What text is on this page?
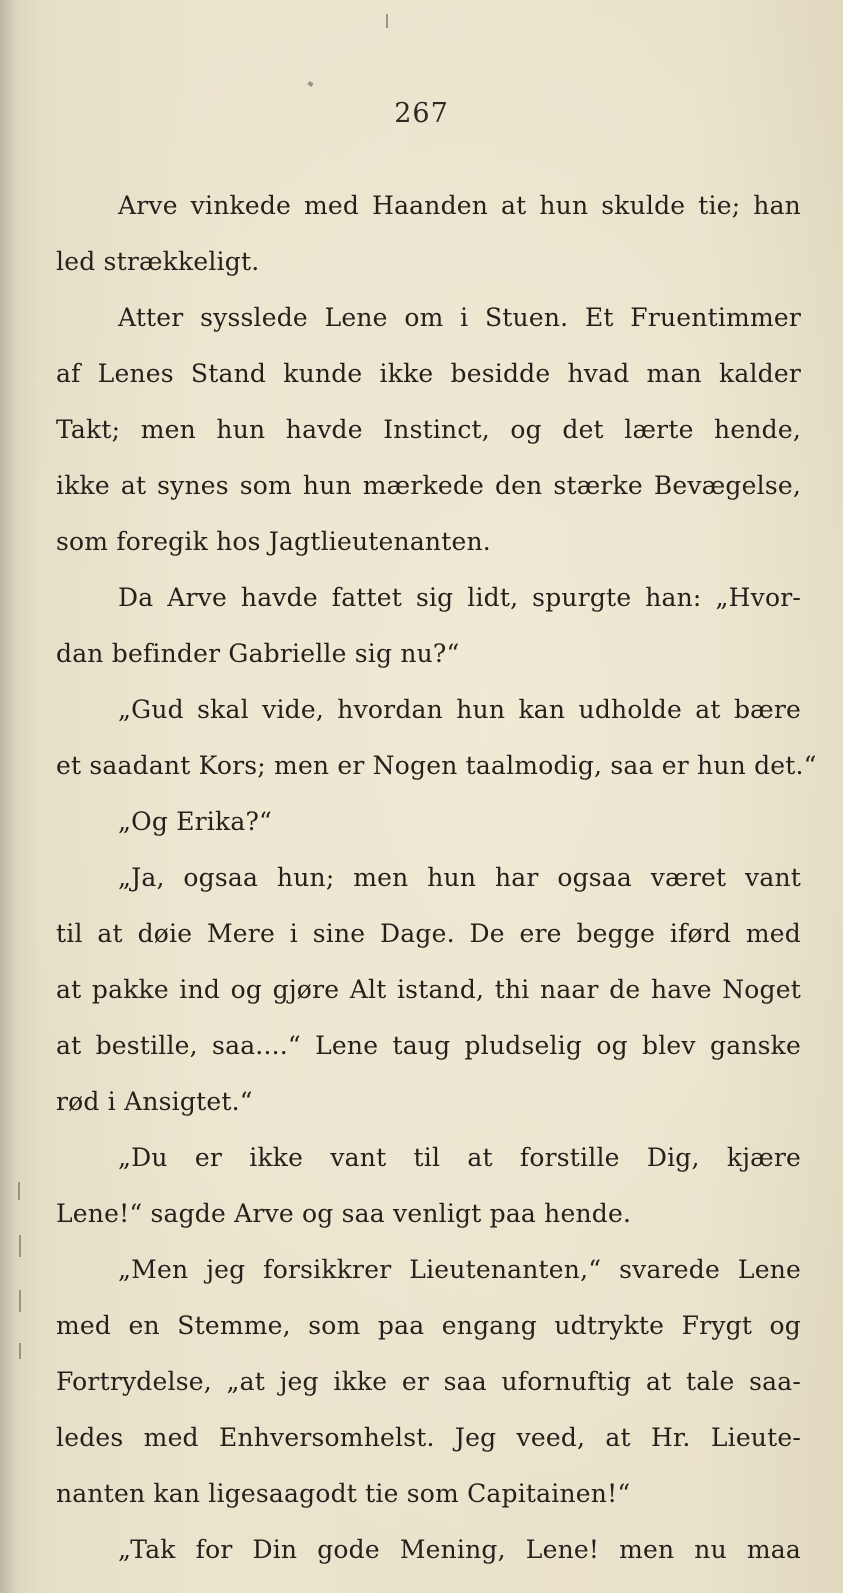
267
Arve vinkede med Haanden at hun skulde tie; han
led strækkeligt.
Atter sysslede Lene om i Stuen. Et Fruentimmer
af Lenes Stand kunde ikke besidde hvad man kalder
Takt; men hun havde Instinct, og det lærte hende,
ikke at synes som hun mærkede den stærke Bevægelse,
som foregik hos Jagtlieutenanten.
Da Arve havde fattet sig lidt, spurgte han: „Hvor-
dan befinder Gabrielle sig nu?“
„Gud skal vide, hvordan hun kan udholde at bære
et saadant Kors; men er Nogen taalmodig, saa er hun det.“
„Og Erika?“
„Ja, ogsaa hun; men hun har ogsaa været vant
til at døie Mere i sine Dage. De ere begge iførd med
at pakke ind og gjøre Alt istand, thi naar de have Noget
at bestille, saa....“ Lene taug pludselig og blev ganske
rød i Ansigtet.“
„Du er ikke vant til at forstille Dig, kjære
Lene!“ sagde Arve og saa venligt paa hende.
„Men jeg forsikkrer Lieutenanten,“ svarede Lene
med en Stemme, som paa engang udtrykte Frygt og
Fortrydelse, „at jeg ikke er saa ufornuftig at tale saa-
ledes med Enhversomhelst. Jeg veed, at Hr. Lieute-
nanten kan ligesaagodt tie som Capitainen!“
„Tak for Din gode Mening, Lene! men nu maa
